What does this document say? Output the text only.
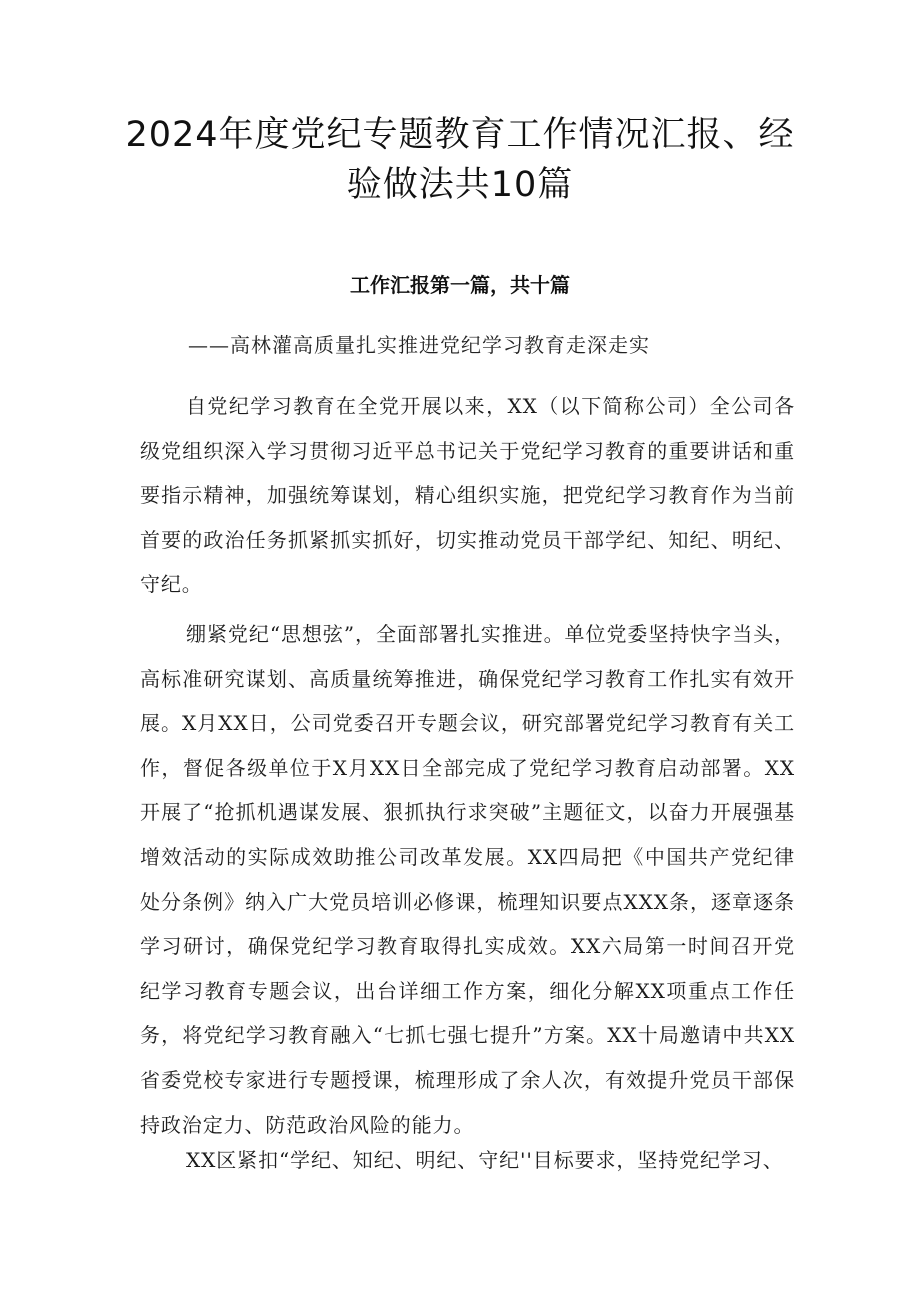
2024年度党纪专题教育工作情况汇报、经验做法共10篇
工作汇报第一篇，共十篇
——高林灌高质量扎实推进党纪学习教育走深走实

自党纪学习教育在全党开展以来，XX（以下简称公司）全公司各级党组织深入学习贯彻习近平总书记关于党纪学习教育的重要讲话和重要指示精神，加强统筹谋划，精心组织实施，把党纪学习教育作为当前首要的政治任务抓紧抓实抓好，切实推动党员干部学纪、知纪、明纪、守纪。

绷紧党纪“思想弦”，全面部署扎实推进。单位党委坚持快字当头，高标准研究谋划、高质量统筹推进，确保党纪学习教育工作扎实有效开展。X月XX日，公司党委召开专题会议，研究部署党纪学习教育有关工作，督促各级单位于X月XX日全部完成了党纪学习教育启动部署。XX开展了“抢抓机遇谋发展、狠抓执行求突破”主题征文，以奋力开展强基增效活动的实际成效助推公司改革发展。XX四局把《中国共产党纪律处分条例》纳入广大党员培训必修课，梳理知识要点XXX条，逐章逐条学习研讨，确保党纪学习教育取得扎实成效。XX六局第一时间召开党纪学习教育专题会议，出台详细工作方案，细化分解XX项重点工作任务，将党纪学习教育融入“七抓七强七提升”方案。XX十局邀请中共XX省委党校专家进行专题授课，梳理形成了余人次，有效提升党员干部保持政治定力、防范政治风险的能力。

XX区紧扣“学纪、知纪、明纪、守纪''目标要求，坚持党纪学习、
